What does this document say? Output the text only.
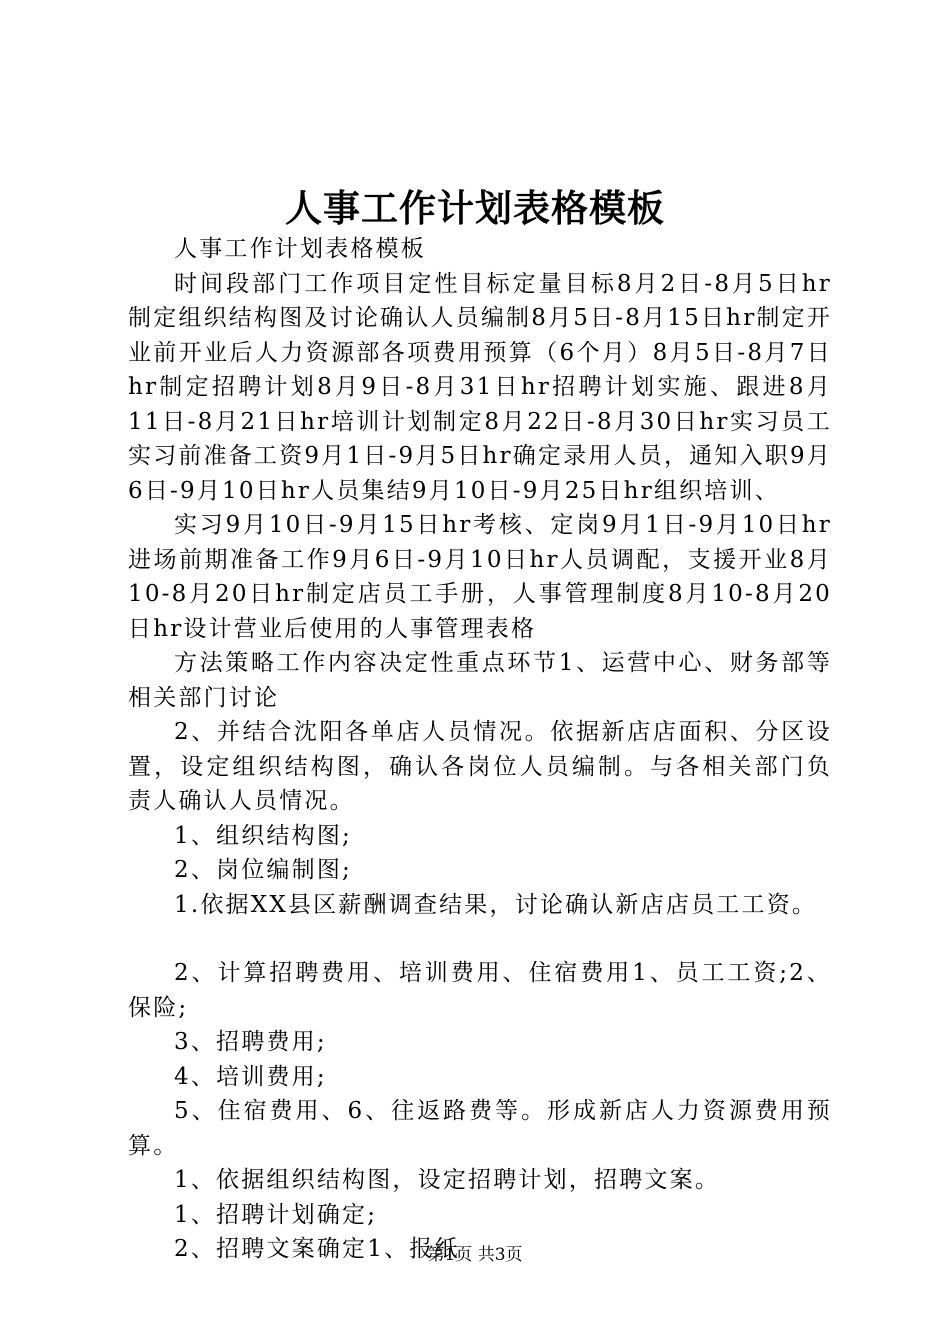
人事工作计划表格模板

人事工作计划表格模板

时间段部门工作项目定性目标定量目标8月2日-8月5日hr制定组织结构图及讨论确认人员编制8月5日-8月15日hr制定开业前开业后人力资源部各项费用预算（6个月）8月5日-8月7日hr制定招聘计划8月9日-8月31日hr招聘计划实施、跟进8月11日-8月21日hr培训计划制定8月22日-8月30日hr实习员工实习前准备工资9月1日-9月5日hr确定录用人员，通知入职9月6日-9月10日hr人员集结9月10日-9月25日hr组织培训、

实习9月10日-9月15日hr考核、定岗9月1日-9月10日hr进场前期准备工作9月6日-9月10日hr人员调配，支援开业8月10-8月20日hr制定店员工手册，人事管理制度8月10-8月20日hr设计营业后使用的人事管理表格

方法策略工作内容决定性重点环节1、运营中心、财务部等相关部门讨论

2、并结合沈阳各单店人员情况。依据新店店面积、分区设置，设定组织结构图，确认各岗位人员编制。与各相关部门负责人确认人员情况。

1、组织结构图;

2、岗位编制图;

1.依据XX县区薪酬调查结果，讨论确认新店店员工工资。

2、计算招聘费用、培训费用、住宿费用1、员工工资;2、保险;

3、招聘费用;

4、培训费用;

5、住宿费用、6、往返路费等。形成新店人力资源费用预算。

1、依据组织结构图，设定招聘计划，招聘文案。

1、招聘计划确定;

2、招聘文案确定1、报纸

第1页 共3页
